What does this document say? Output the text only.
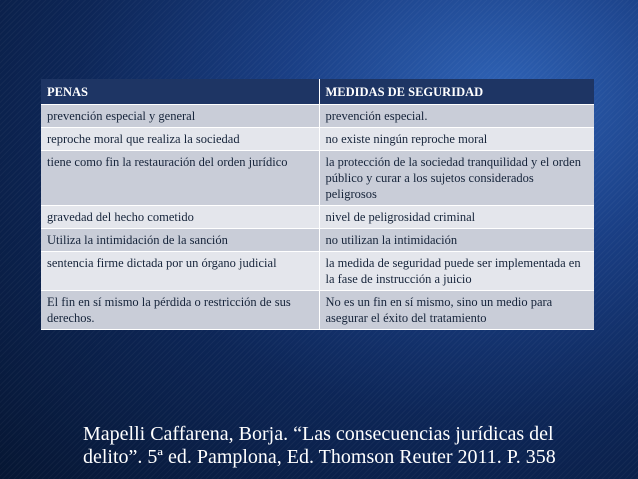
PENAS	MEDIDAS DE SEGURIDAD
prevención especial y general	prevención especial.
reproche moral que realiza la sociedad	no existe ningún reproche moral
tiene como fin la restauración del orden jurídico	la protección de la sociedad tranquilidad y el orden público y curar a los sujetos considerados peligrosos
gravedad del hecho cometido	nivel de peligrosidad criminal
Utiliza la intimidación de la sanción	no utilizan la intimidación
sentencia firme dictada por un órgano judicial	la medida de seguridad puede ser implementada en la fase de instrucción a juicio
El fin en sí mismo la pérdida o restricción de sus derechos.	No es un fin en sí mismo, sino un medio para asegurar el éxito del tratamiento

Mapelli Caffarena, Borja. “Las consecuencias jurídicas del
delito”. 5ª ed. Pamplona, Ed. Thomson Reuter 2011. P. 358
